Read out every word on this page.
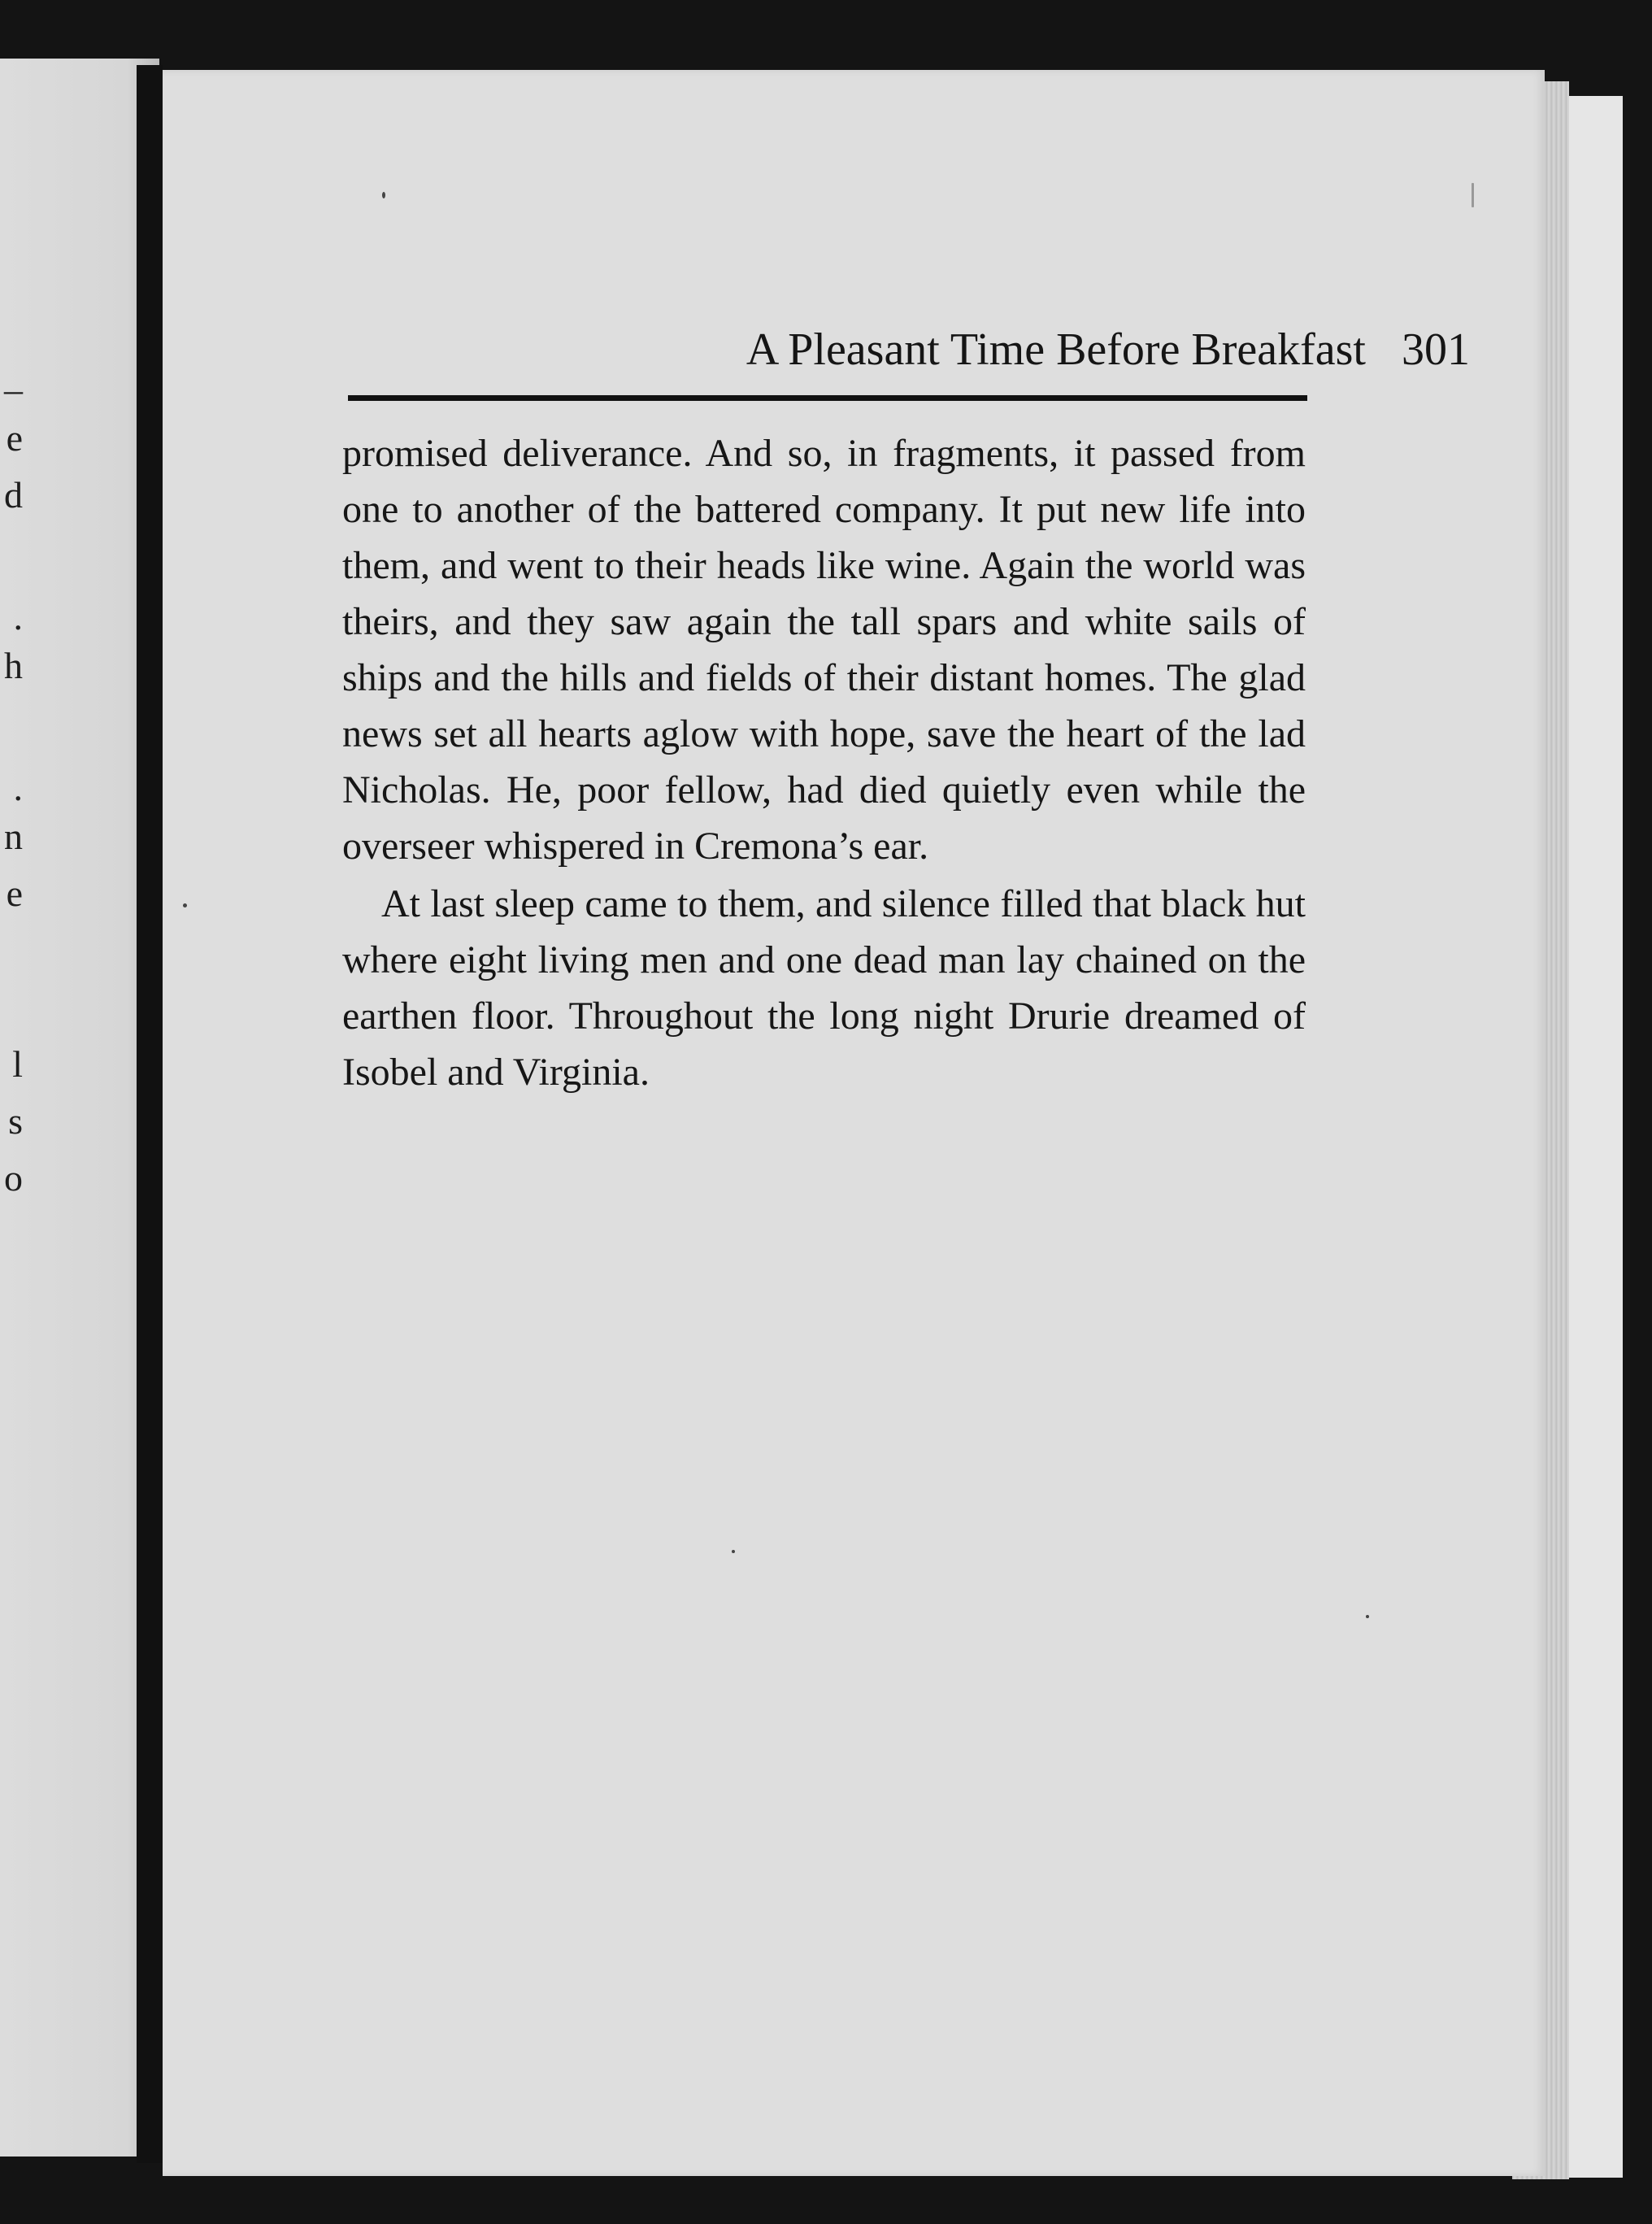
–
e
d
.
h
.
n
e
l
s
o
A Pleasant Time Before Breakfast 301

promised deliverance. And so, in fragments, it passed from one to another of the battered company. It put new life into them, and went to their heads like wine. Again the world was theirs, and they saw again the tall spars and white sails of ships and the hills and fields of their distant homes. The glad news set all hearts aglow with hope, save the heart of the lad Nicholas. He, poor fellow, had died quietly even while the overseer whispered in Cremona’s ear.

At last sleep came to them, and silence filled that black hut where eight living men and one dead man lay chained on the earthen floor. Throughout the long night Drurie dreamed of Isobel and Virginia.
